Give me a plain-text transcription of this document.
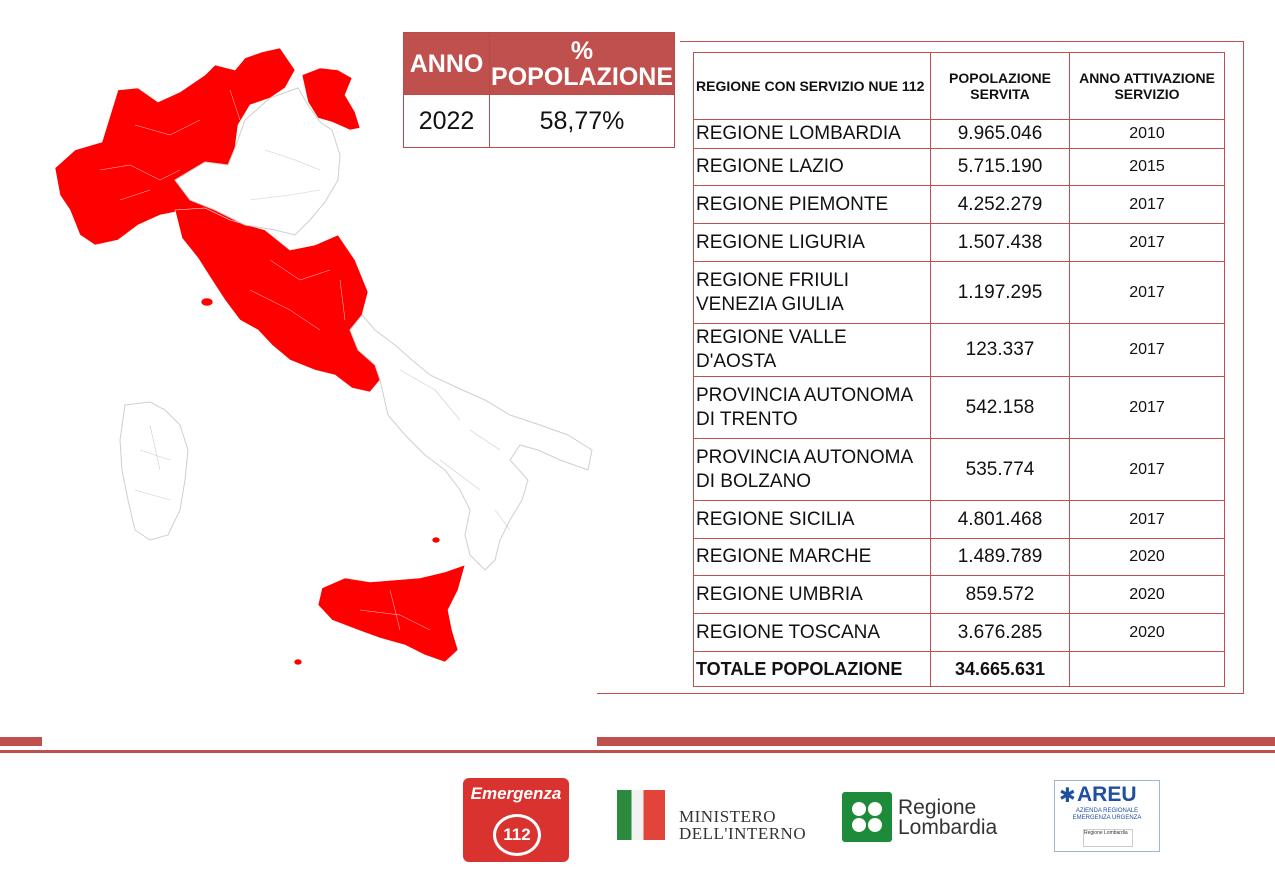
ANNO	% POPOLAZIONE
2022	58,77%
REGIONE CON SERVIZIO NUE 112	POPOLAZIONE SERVITA	ANNO ATTIVAZIONE SERVIZIO
REGIONE LOMBARDIA	9.965.046	2010
REGIONE LAZIO	5.715.190	2015
REGIONE PIEMONTE	4.252.279	2017
REGIONE LIGURIA	1.507.438	2017
REGIONE FRIULI VENEZIA GIULIA	1.197.295	2017
REGIONE VALLE D'AOSTA	123.337	2017
PROVINCIA AUTONOMA DI TRENTO	542.158	2017
PROVINCIA AUTONOMA DI BOLZANO	535.774	2017
REGIONE SICILIA	4.801.468	2017
REGIONE MARCHE	1.489.789	2020
REGIONE UMBRIA	859.572	2020
REGIONE TOSCANA	3.676.285	2020
TOTALE POPOLAZIONE	34.665.631	
Emergenza
112
MINISTERO
DELL'INTERNO
Regione
Lombardia
✱ AREU
AZIENDA REGIONALE
EMERGENZA URGENZA
Regione Lombardia
